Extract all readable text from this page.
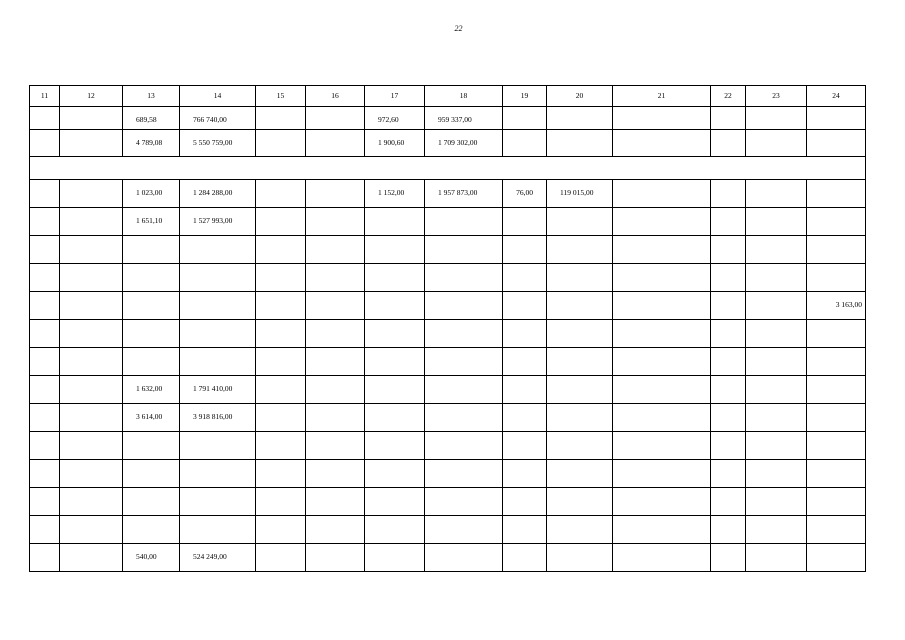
22
11	12	13	14	15	16	17	18	19	20	21	22	23	24

		689,58	766 740,00			972,60	959 337,00						

		4 789,08	5 550 759,00			1 900,60	1 709 302,00						

		1 023,00	1 284 288,00			1 152,00	1 957 873,00	76,00	119 015,00				

		1 651,10	1 527 993,00										

													3 163,00

		1 632,00	1 791 410,00										

		3 614,00	3 918 816,00										

		540,00	524 249,00										
